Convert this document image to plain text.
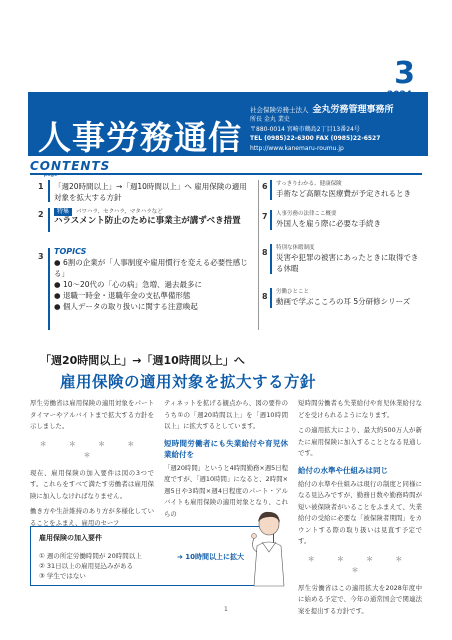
3
2024
人事労務通信
社会保険労務士法人 金丸労務管理事務所
所長 金丸 業史
〒880-0014 宮崎市鶴島2丁目13番24号
TEL (0985)22-6300 FAX (0985)22-6527
http://www.kanemaru-roumu.jp
CONTENTS
page
1 「週20時間以上」→「週10時間以上」へ 雇用保険の適用対象を拡大する方針
2	特集 パワハラ、セクハラ、マタハラなど
ハラスメント防止のために事業主が講ずべき措置
3
TOPICS
● 6割の企業が「人事制度や雇用慣行を変える必要性感じる」
● 10～20代の「心の病」急増、過去最多に
● 退職一時金・退職年金の支払準備形態
● 個人データの取り扱いに関する注意喚起
6 すっきりわかる、健康保険
手術など高額な医療費が予定されるとき
7 人事労務の法律ここ概要
外国人を雇う際に必要な手続き
8 特別な休暇制度
災害や犯罪の被害にあったときに取得できる休暇
8 労働ひとこと
動画で学ぶこころの耳 5分研修シリーズ
「週20時間以上」→「週10時間以上」へ
雇用保険の適用対象を拡大する方針

厚生労働省は雇用保険の適用対象をパートタイマーやアルバイトまで拡大する方針を示しました。

＊ ＊ ＊ ＊ ＊

現在、雇用保険の加入要件は図の3つです。これらをすべて満たす労働者は雇用保険に加入しなければなりません。

働き方や生計維持のあり方が多様化していることをふまえ、雇用のセーフ

ティネットを拡げる観点から、図の要件のうち①の「週20時間以上」を「週10時間以上」に拡大するとしています。

短時間労働者にも失業給付や育児休業給付を

「週20時間」というと4時間勤務×週5日程度ですが、「週10時間」になると、2時間×週5日や3時間×週4日程度のパート・アルバイトも雇用保険の適用対象となり、これらの

短時間労働者も失業給付や育児休業給付などを受けられるようになります。

この適用拡大により、最大約500万人が新たに雇用保険に加入することとなる見通しです。

給付の水準や仕組みは同じ

給付の水準や仕組みは現行の制度と同様になる見込みですが、勤務日数や勤務時間が短い被保険者がいることをふまえて、失業給付の受給に必要な「被保険者期間」をカウントする際の取り扱いは見直す予定です。

＊ ＊ ＊ ＊ ＊

厚生労働省はこの適用拡大を2028年度中に始める予定で、今年の通常国会で関連法案を提出する方針です。

雇用保険の加入要件
① 週の所定労働時間が 20時間以上
② 31日以上の雇用見込みがある
③ 学生ではない
➜ 10時間以上に拡大
1
